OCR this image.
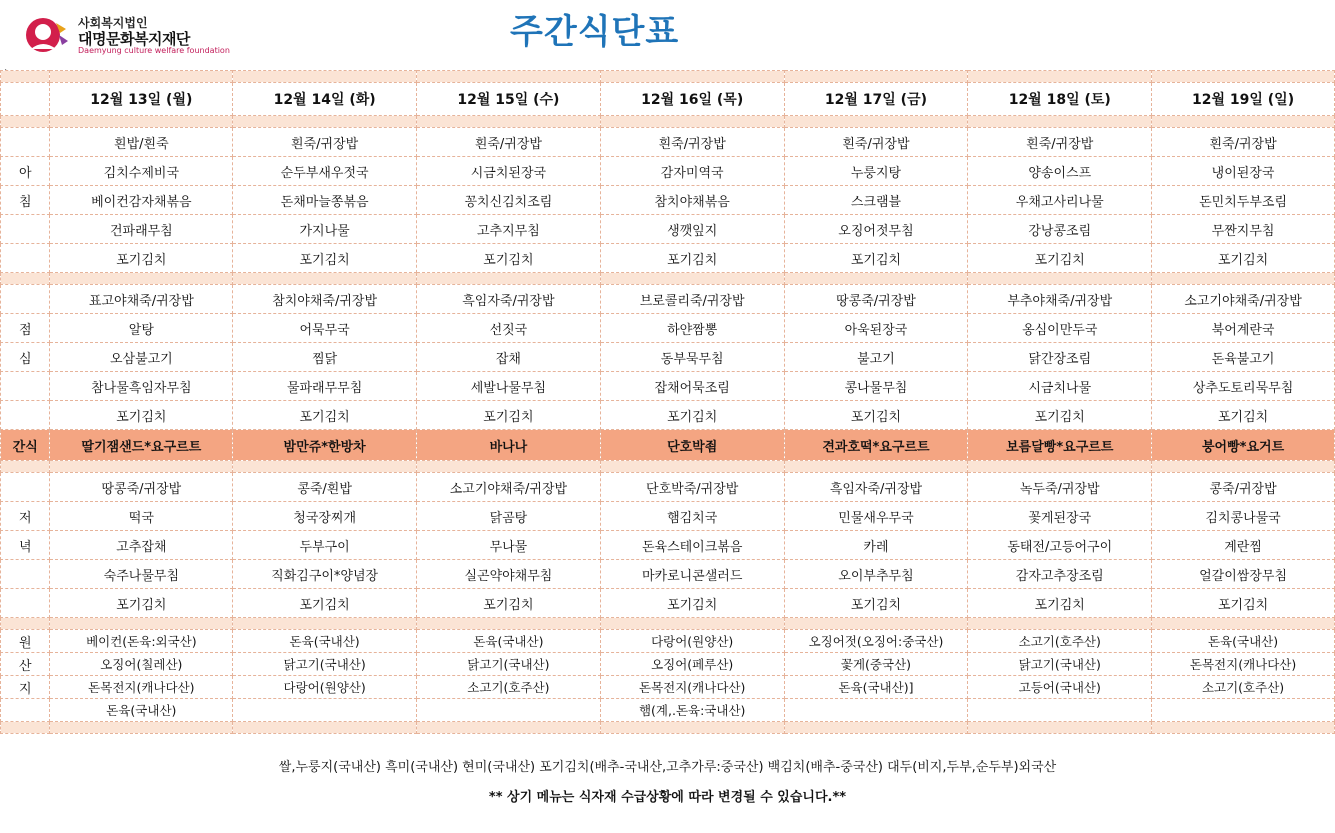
사회복지법인
대명문화복지재단
Daemyung culture welfare foundation	주간식단표

	12월 13일 (월)	12월 14일 (화)	12월 15일 (수)	12월 16일 (목)	12월 17일 (금)	12월 18일 (토)	12월 19일 (일)

	흰밥/흰죽	흰죽/귀장밥	흰죽/귀장밥	흰죽/귀장밥	흰죽/귀장밥	흰죽/귀장밥	흰죽/귀장밥
아	김치수제비국	순두부새우젓국	시금치된장국	감자미역국	누룽지탕	양송이스프	냉이된장국
침	베이컨감자채볶음	돈채마늘쫑볶음	꽁치신김치조림	참치야채볶음	스크램블	우채고사리나물	돈민치두부조림
	건파래무침	가지나물	고추지무침	생깻잎지	오징어젓무침	강낭콩조림	무짠지무침
	포기김치	포기김치	포기김치	포기김치	포기김치	포기김치	포기김치

	표고야채죽/귀장밥	참치야채죽/귀장밥	흑임자죽/귀장밥	브로콜리죽/귀장밥	땅콩죽/귀장밥	부추야채죽/귀장밥	소고기야채죽/귀장밥
점	알탕	어묵무국	선짓국	하얀짬뽕	아욱된장국	옹심이만두국	북어계란국
심	오삼불고기	찜닭	잡채	동부묵무침	불고기	닭간장조림	돈육불고기
	참나물흑임자무침	물파래무무침	세발나물무침	잡채어묵조림	콩나물무침	시금치나물	상추도토리묵무침
	포기김치	포기김치	포기김치	포기김치	포기김치	포기김치	포기김치
간식	딸기잼샌드*요구르트	밤만쥬*한방차	바나나	단호박죔	견과호떡*요구르트	보름달빵*요구르트	붕어빵*요거트

	땅콩죽/귀장밥	콩죽/흰밥	소고기야채죽/귀장밥	단호박죽/귀장밥	흑임자죽/귀장밥	녹두죽/귀장밥	콩죽/귀장밥
저	떡국	청국장찌개	닭곰탕	햄김치국	민물새우무국	꽃게된장국	김치콩나물국
녁	고추잡채	두부구이	무나물	돈육스테이크볶음	카레	동태전/고등어구이	계란찜
	숙주나물무침	직화김구이*양념장	실곤약야채무침	마카로니콘샐러드	오이부추무침	감자고추장조림	얼갈이쌈장무침
	포기김치	포기김치	포기김치	포기김치	포기김치	포기김치	포기김치

원	베이컨(돈육:외국산)	돈육(국내산)	돈육(국내산)	다랑어(원양산)	오징어젓(오징어:중국산)	소고기(호주산)	돈육(국내산)
산	오징어(칠레산)	닭고기(국내산)	닭고기(국내산)	오징어(페루산)	꽃게(중국산)	닭고기(국내산)	돈목전지(캐나다산)
지	돈목전지(캐나다산)	다랑어(원양산)	소고기(호주산)	돈목전지(캐나다산)	돈육(국내산)]	고등어(국내산)	소고기(호주산)
	돈육(국내산)			햄(계,.돈육:국내산)			

쌀,누룽지(국내산) 흑미(국내산) 현미(국내산) 포기김치(배추-국내산,고추가루:중국산) 백김치(배추-중국산) 대두(비지,두부,순두부)외국산
** 상기 메뉴는 식자재 수급상황에 따라 변경될 수 있습니다.**
